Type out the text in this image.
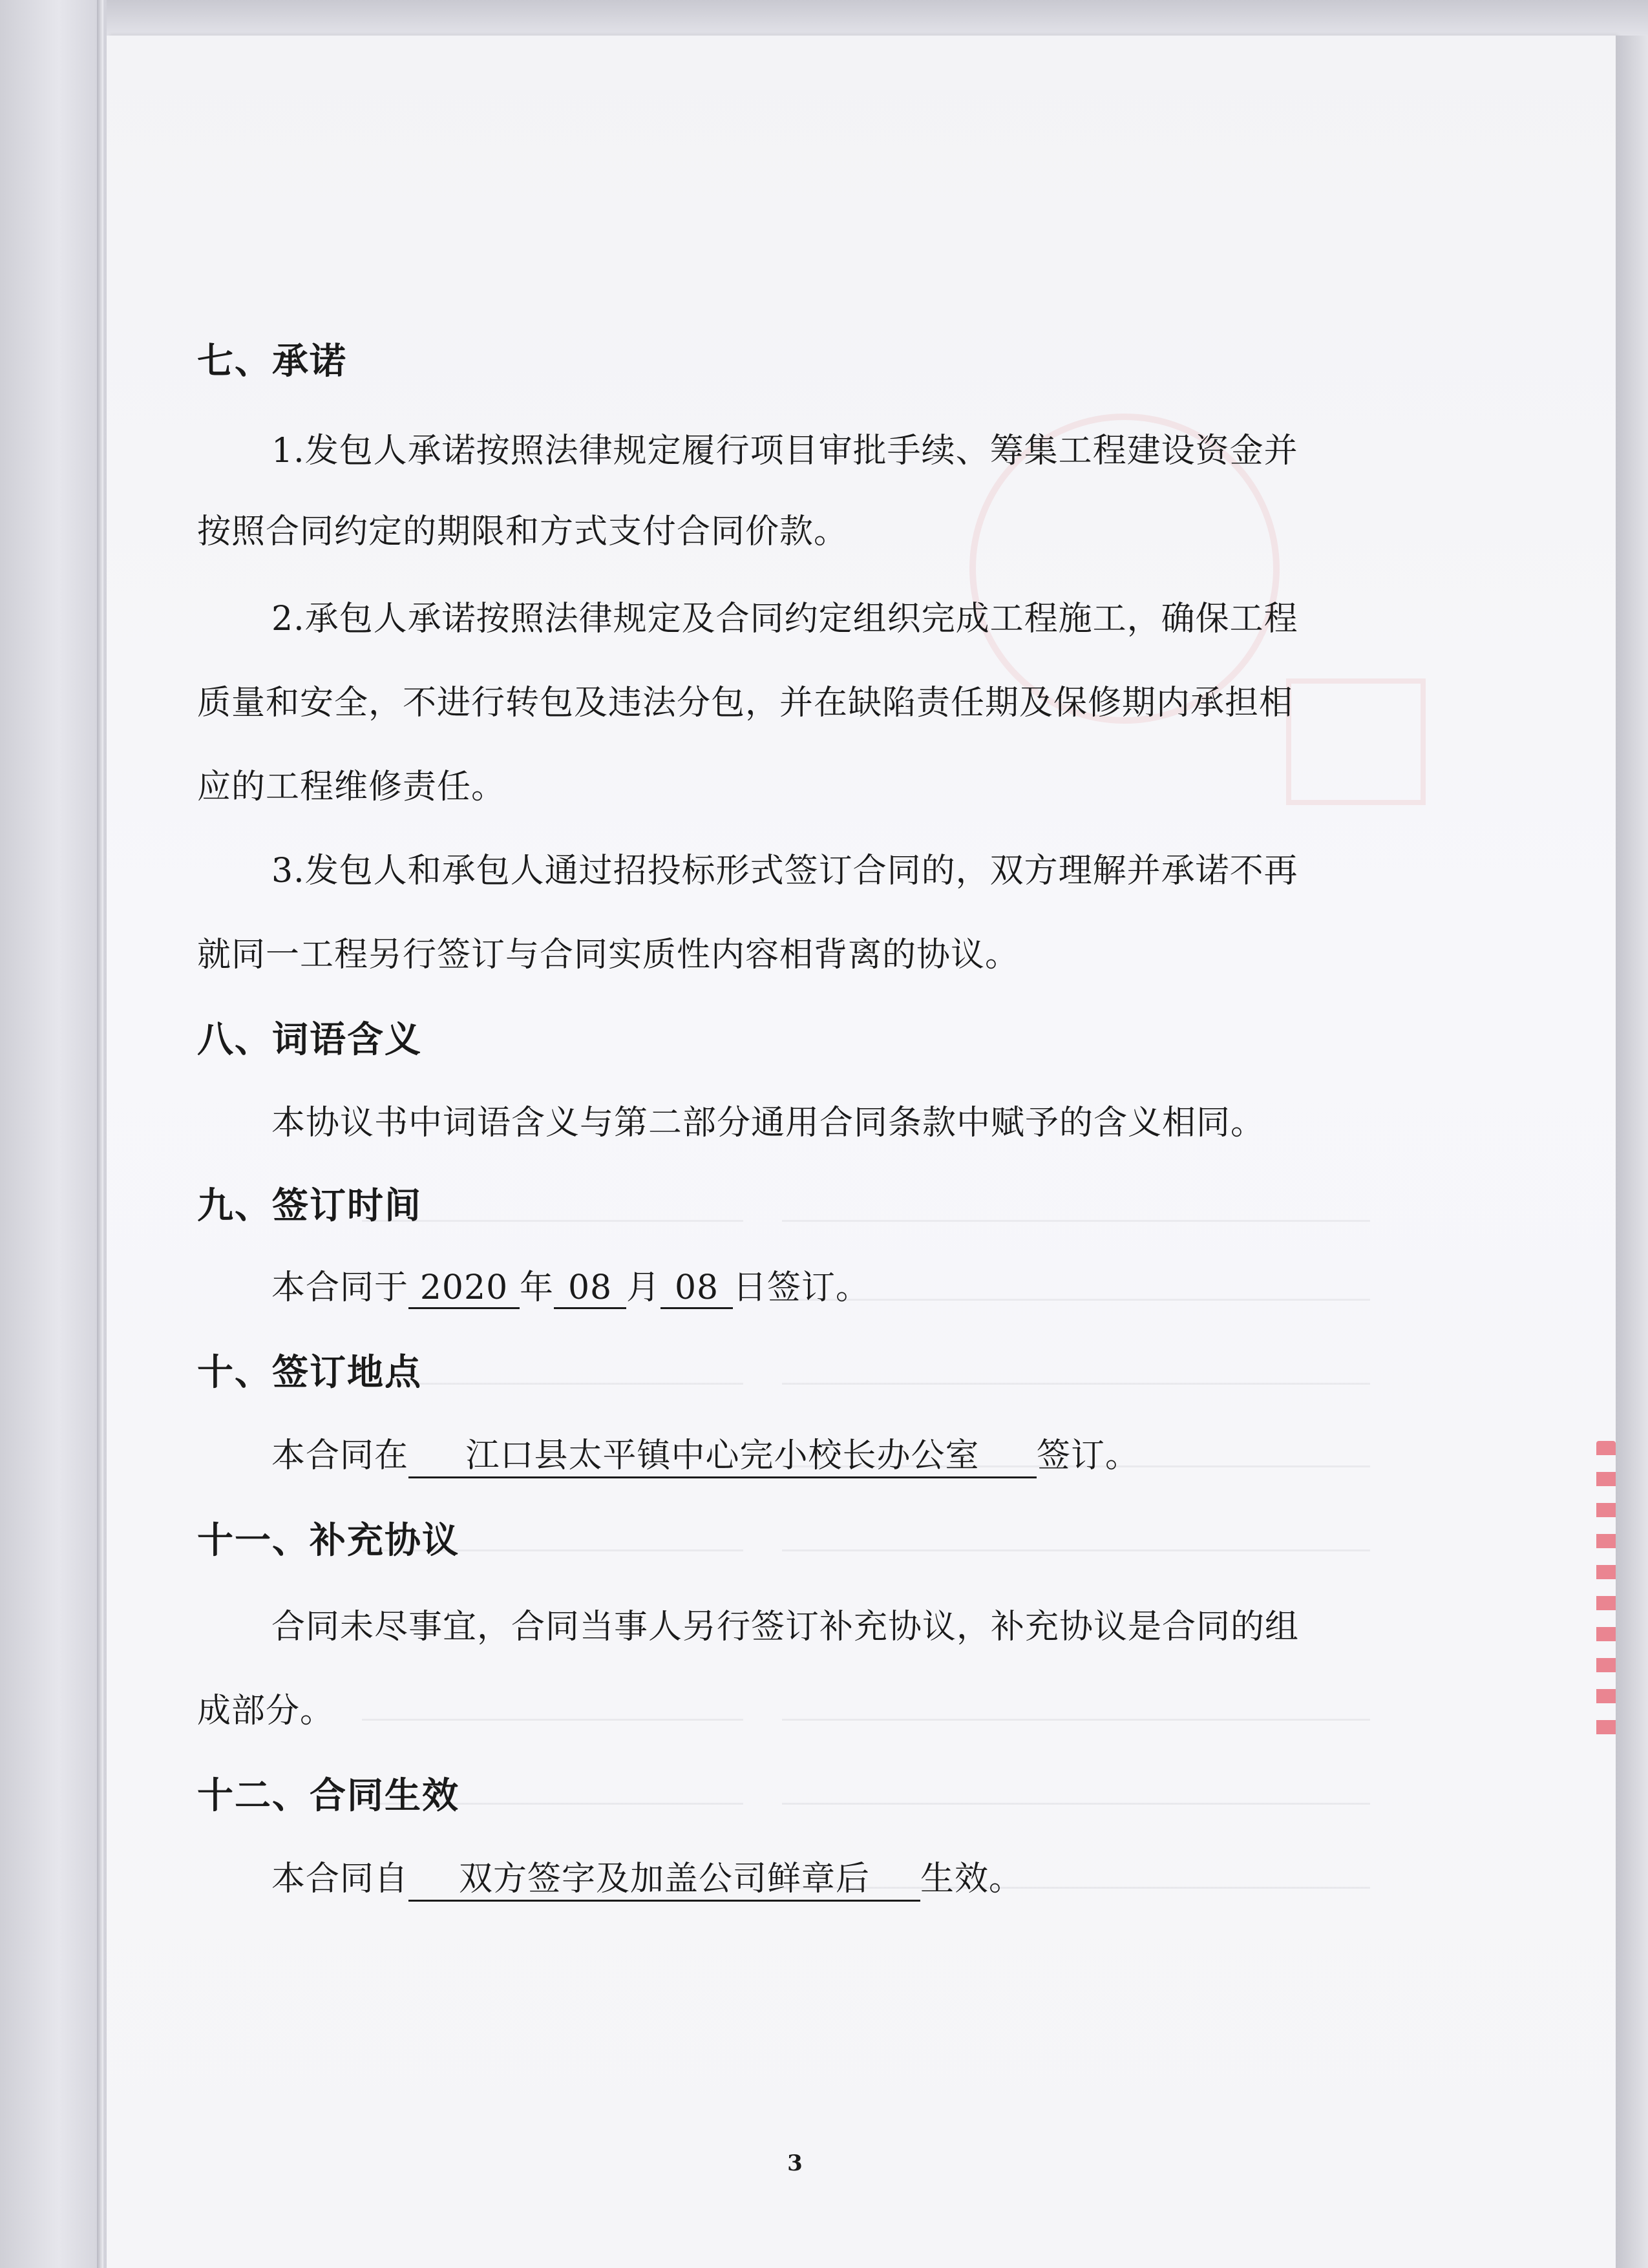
七、承诺
1.发包人承诺按照法律规定履行项目审批手续、筹集工程建设资金并
按照合同约定的期限和方式支付合同价款。
2.承包人承诺按照法律规定及合同约定组织完成工程施工，确保工程
质量和安全，不进行转包及违法分包，并在缺陷责任期及保修期内承担相
应的工程维修责任。
3.发包人和承包人通过招投标形式签订合同的，双方理解并承诺不再
就同一工程另行签订与合同实质性内容相背离的协议。
八、词语含义
本协议书中词语含义与第二部分通用合同条款中赋予的含义相同。
九、签订时间
本合同于 2020 年 08 月 08 日签订。
十、签订地点
本合同在 江口县太平镇中心完小校长办公室 签订。
十一、补充协议
合同未尽事宜，合同当事人另行签订补充协议，补充协议是合同的组
成部分。
十二、合同生效
本合同自 双方签字及加盖公司鲜章后 生效。
3
